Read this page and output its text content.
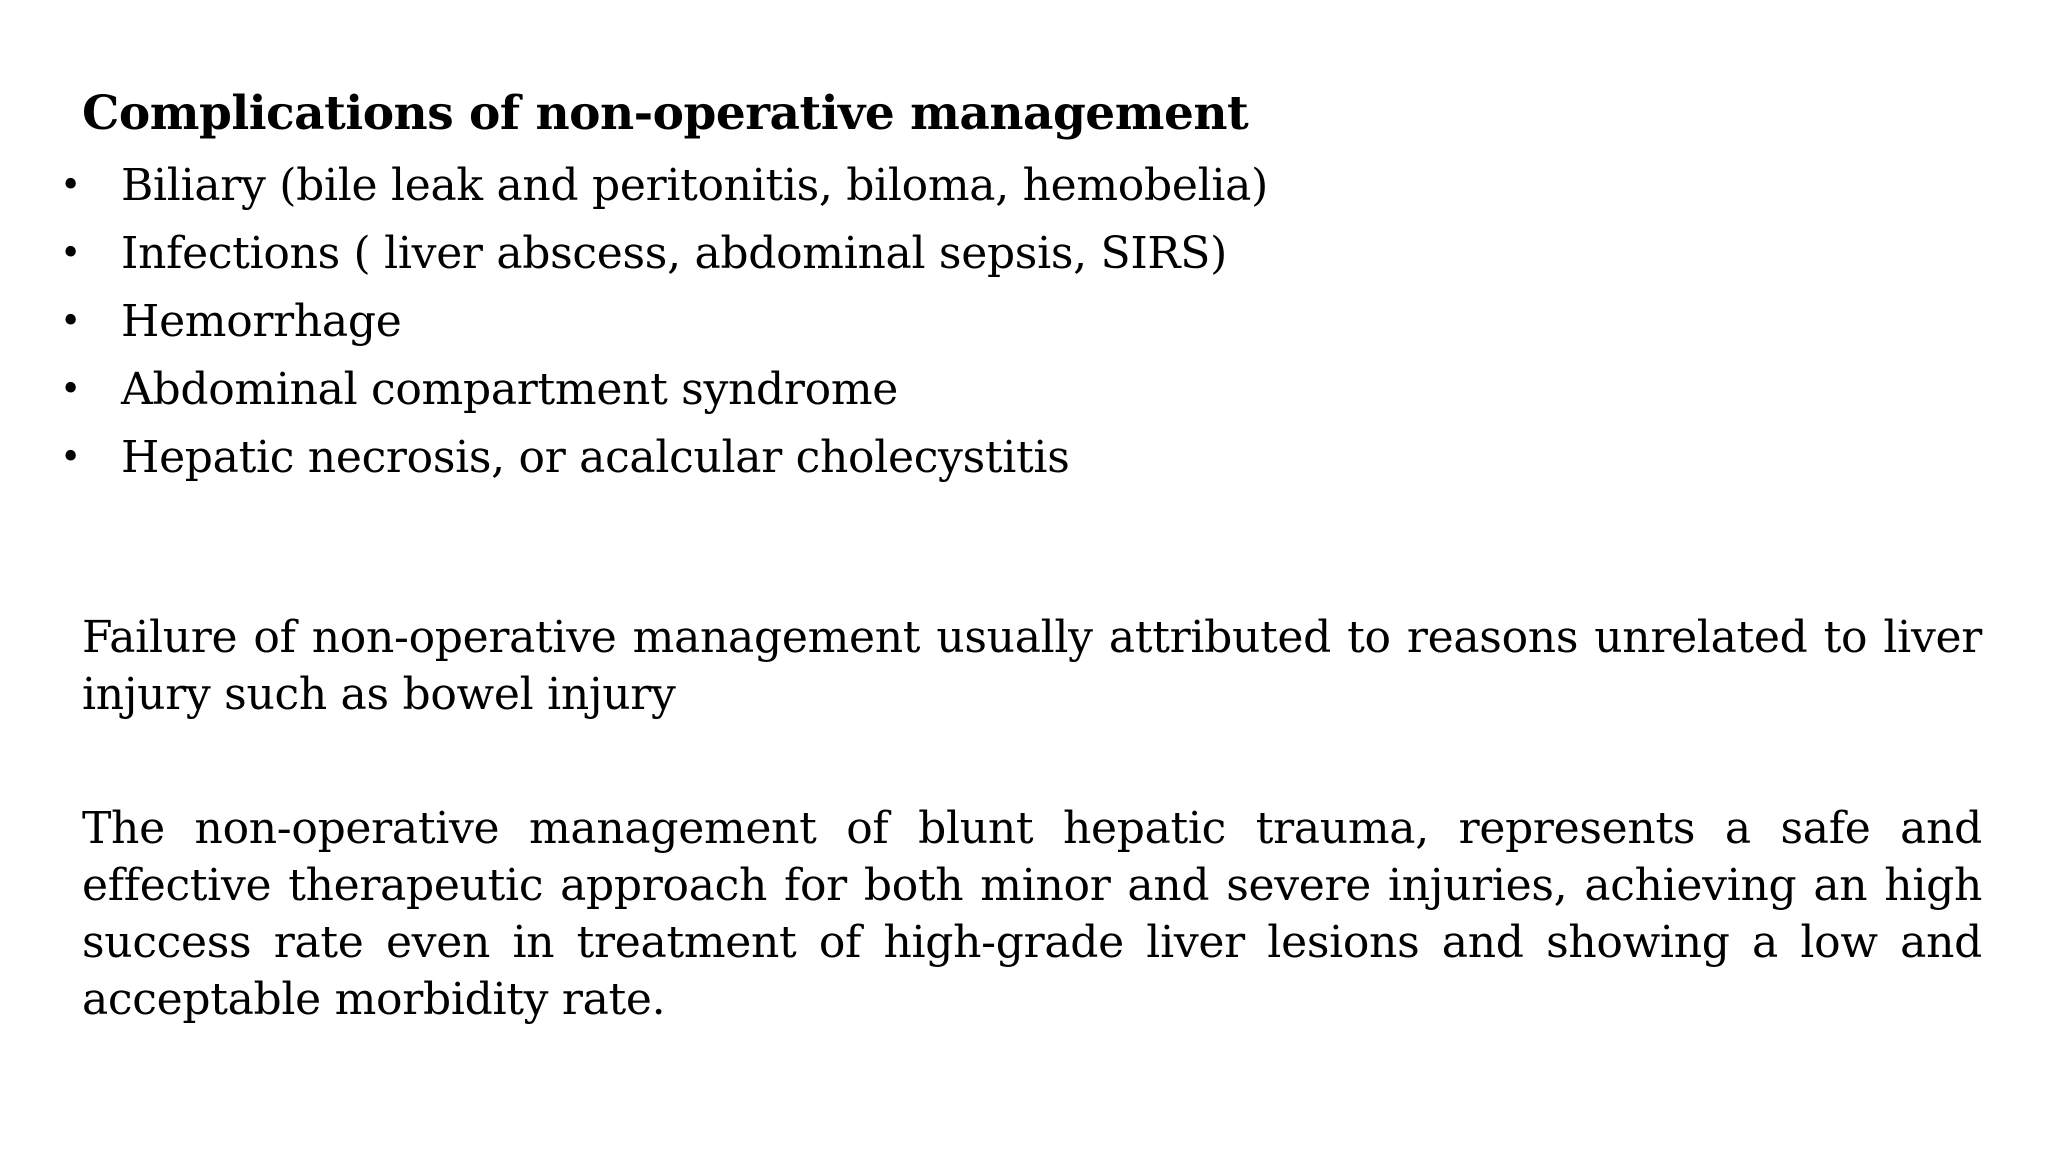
Complications of non-operative management
• Biliary (bile leak and peritonitis, biloma, hemobelia)
• Infections ( liver abscess, abdominal sepsis, SIRS)
• Hemorrhage
• Abdominal compartment syndrome
• Hepatic necrosis, or acalcular cholecystitis

Failure of non-operative management usually attributed to reasons unrelated to liver injury such as bowel injury

The non-operative management of blunt hepatic trauma, represents a safe and effective therapeutic approach for both minor and severe injuries, achieving an high success rate even in treatment of high-grade liver lesions and showing a low and acceptable morbidity rate.
